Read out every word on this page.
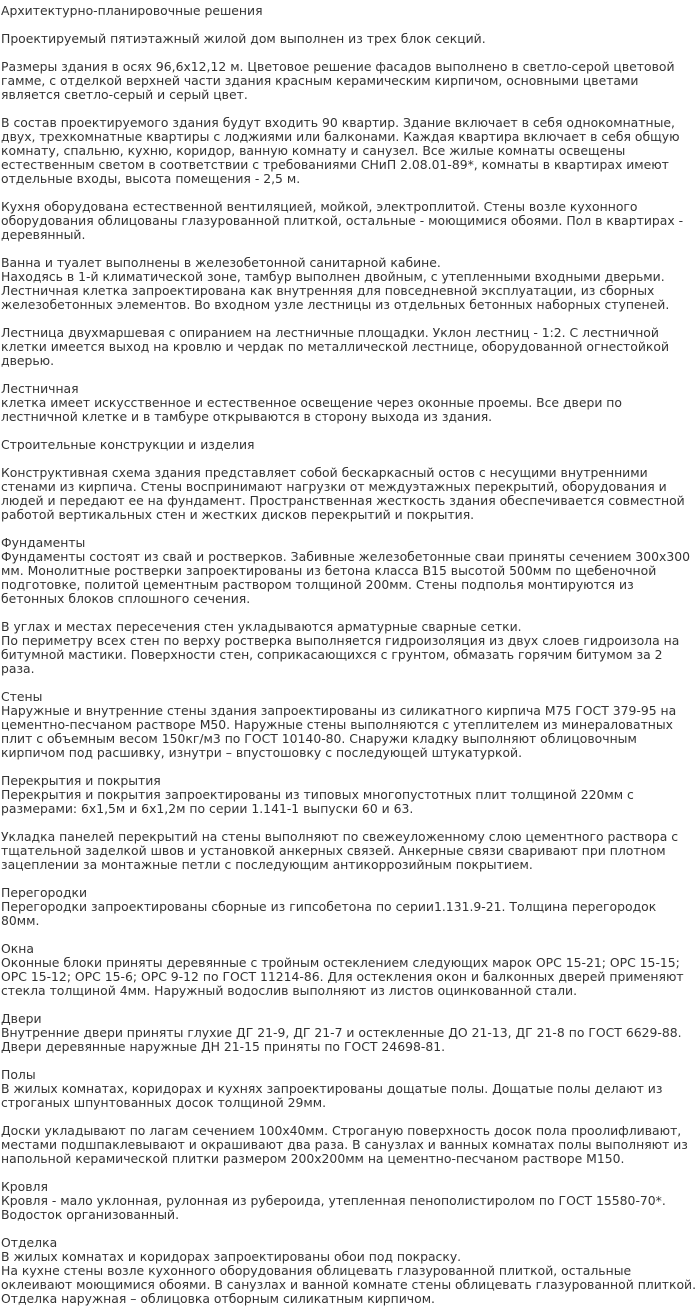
Архитектурно-планировочные решения

Проектируемый пятиэтажный жилой дом выполнен из трех блок секций.

Размеры здания в осях 96,6х12,12 м. Цветовое решение фасадов выполнено в светло-серой цветовой гамме, с отделкой верхней части здания красным керамическим кирпичом, основными цветами является светло-серый и серый цвет.

В состав проектируемого здания будут входить 90 квартир. Здание включает в себя однокомнатные, двух, трехкомнатные квартиры с лоджиями или балконами. Каждая квартира включает в себя общую комнату, спальню, кухню, коридор, ванную комнату и санузел. Все жилые комнаты освещены естественным светом в соответствии с требованиями СНиП 2.08.01-89*, комнаты в квартирах имеют отдельные входы, высота помещения - 2,5 м.

Кухня оборудована естественной вентиляцией, мойкой, электроплитой. Стены возле кухонного оборудования облицованы глазурованной плиткой, остальные - моющимися обоями. Пол в квартирах - деревянный.

Ванна и туалет выполнены в железобетонной санитарной кабине.

Находясь в 1-й климатической зоне, тамбур выполнен двойным, с утепленными входными дверьми. Лестничная клетка запроектирована как внутренняя для повседневной эксплуатации, из сборных железобетонных элементов. Во входном узле лестницы из отдельных бетонных наборных ступеней.

Лестница двухмаршевая с опиранием на лестничные площадки. Уклон лестниц - 1:2. С лестничной клетки имеется выход на кровлю и чердак по металлической лестнице, оборудованной огнестойкой дверью.

Лестничная

клетка имеет искусственное и естественное освещение через оконные проемы. Все двери по лестничной клетке и в тамбуре открываются в сторону выхода из здания.

Строительные конструкции и изделия

Конструктивная схема здания представляет собой бескаркасный остов с несущими внутренними стенами из кирпича. Стены воспринимают нагрузки от междуэтажных перекрытий, оборудования и людей и передают ее на фундамент. Пространственная жесткость здания обеспечивается совместной работой вертикальных стен и жестких дисков перекрытий и покрытия.

Фундаменты

Фундаменты состоят из свай и ростверков. Забивные железобетонные сваи приняты сечением 300х300 мм. Монолитные ростверки запроектированы из бетона класса В15 высотой 500мм по щебеночной подготовке, политой цементным раствором толщиной 200мм. Стены подполья монтируются из бетонных блоков сплошного сечения.

В углах и местах пересечения стен укладываются арматурные сварные сетки.

По периметру всех стен по верху ростверка выполняется гидроизоляция из двух слоев гидроизола на битумной мастики. Поверхности стен, соприкасающихся с грунтом, обмазать горячим битумом за 2 раза.

Стены

Наружные и внутренние стены здания запроектированы из силикатного кирпича М75 ГОСТ 379-95 на цементно-песчаном растворе М50. Наружные стены выполняются с утеплителем из минераловатных плит с объемным весом 150кг/м3 по ГОСТ 10140-80. Снаружи кладку выполняют облицовочным кирпичом под расшивку, изнутри – впустошовку с последующей штукатуркой.

Перекрытия и покрытия

Перекрытия и покрытия запроектированы из типовых многопустотных плит толщиной 220мм с размерами: 6х1,5м и 6х1,2м по серии 1.141-1 выпуски 60 и 63.

Укладка панелей перекрытий на стены выполняют по свежеуложенному слою цементного раствора с тщательной заделкой швов и установкой анкерных связей. Анкерные связи сваривают при плотном зацеплении за монтажные петли с последующим антикоррозийным покрытием.

Перегородки

Перегородки запроектированы сборные из гипсобетона по серии1.131.9-21. Толщина перегородок 80мм.

Окна

Оконные блоки приняты деревянные с тройным остеклением следующих марок ОРС 15-21; ОРС 15-15; ОРС 15-12; ОРС 15-6; ОРС 9-12 по ГОСТ 11214-86. Для остекления окон и балконных дверей применяют стекла толщиной 4мм. Наружный водослив выполняют из листов оцинкованной стали.

Двери

Внутренние двери приняты глухие ДГ 21-9, ДГ 21-7 и остекленные ДО 21-13, ДГ 21-8 по ГОСТ 6629-88. Двери деревянные наружные ДН 21-15 приняты по ГОСТ 24698-81.

Полы

В жилых комнатах, коридорах и кухнях запроектированы дощатые полы. Дощатые полы делают из строганых шпунтованных досок толщиной 29мм.

Доски укладывают по лагам сечением 100х40мм. Строганую поверхность досок пола проолифливают, местами подшпаклевывают и окрашивают два раза. В санузлах и ванных комнатах полы выполняют из напольной керамической плитки размером 200х200мм на цементно-песчаном растворе М150.

Кровля

Кровля - мало уклонная, рулонная из рубероида, утепленная пенополистиролом по ГОСТ 15580-70*.

Водосток организованный.

Отделка

В жилых комнатах и коридорах запроектированы обои под покраску.

На кухне стены возле кухонного оборудования облицевать глазурованной плиткой, остальные оклеивают моющимися обоями. В санузлах и ванной комнате стены облицевать глазурованной плиткой.

Отделка наружная – облицовка отборным силикатным кирпичом.
